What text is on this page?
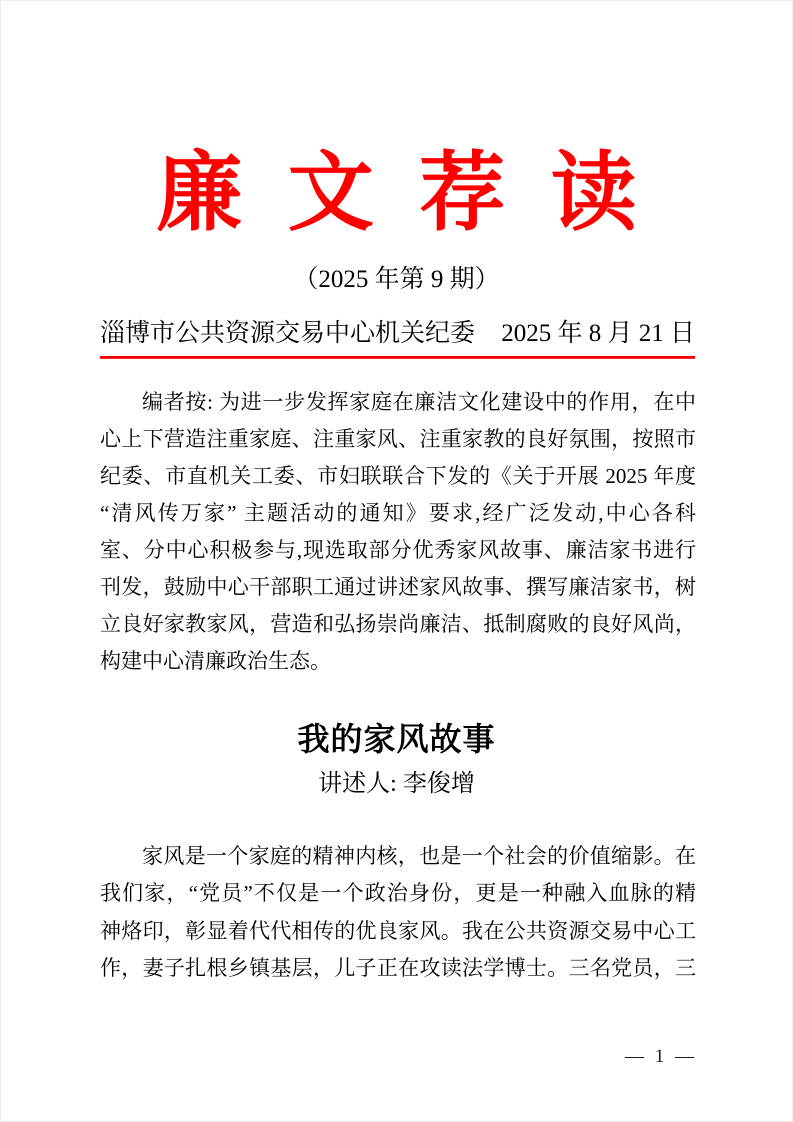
廉 文 荐 读
（2025 年第 9 期）
淄博市公共资源交易中心机关纪委 2025 年 8 月 21 日
编者按: 为进一步发挥家庭在廉洁文化建设中的作用，在中
心上下营造注重家庭、注重家风、注重家教的良好氛围，按照市
纪委、市直机关工委、市妇联联合下发的《关于开展 2025 年度
“清风传万家” 主题活动的通知》要求,经广泛发动,中心各科
室、分中心积极参与,现选取部分优秀家风故事、廉洁家书进行
刊发，鼓励中心干部职工通过讲述家风故事、撰写廉洁家书，树
立良好家教家风，营造和弘扬崇尚廉洁、抵制腐败的良好风尚，
构建中心清廉政治生态。
我的家风故事
讲述人: 李俊增
家风是一个家庭的精神内核，也是一个社会的价值缩影。在
我们家，“党员”不仅是一个政治身份，更是一种融入血脉的精
神烙印，彰显着代代相传的优良家风。我在公共资源交易中心工
作，妻子扎根乡镇基层，儿子正在攻读法学博士。三名党员，三
— 1 —
